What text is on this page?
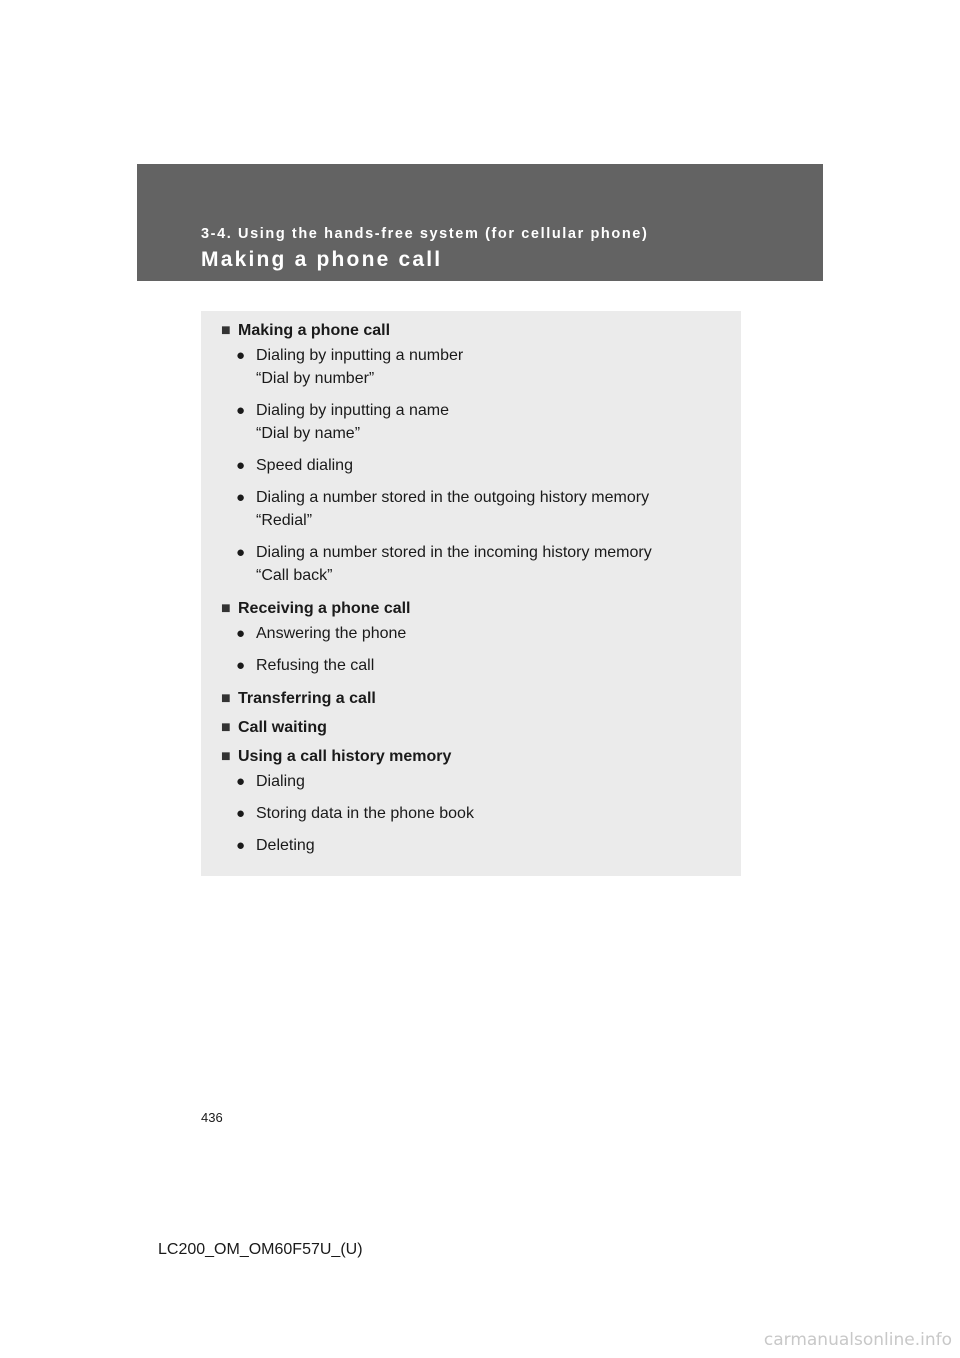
3-4. Using the hands-free system (for cellular phone)
Making a phone call
■ Making a phone call
● Dialing by inputting a number
“Dial by number”
● Dialing by inputting a name
“Dial by name”
● Speed dialing
● Dialing a number stored in the outgoing history memory
“Redial”
● Dialing a number stored in the incoming history memory
“Call back”
■ Receiving a phone call
● Answering the phone
● Refusing the call
■ Transferring a call
■ Call waiting
■ Using a call history memory
● Dialing
● Storing data in the phone book
● Deleting
436
LC200_OM_OM60F57U_(U)
carmanualsonline.info
